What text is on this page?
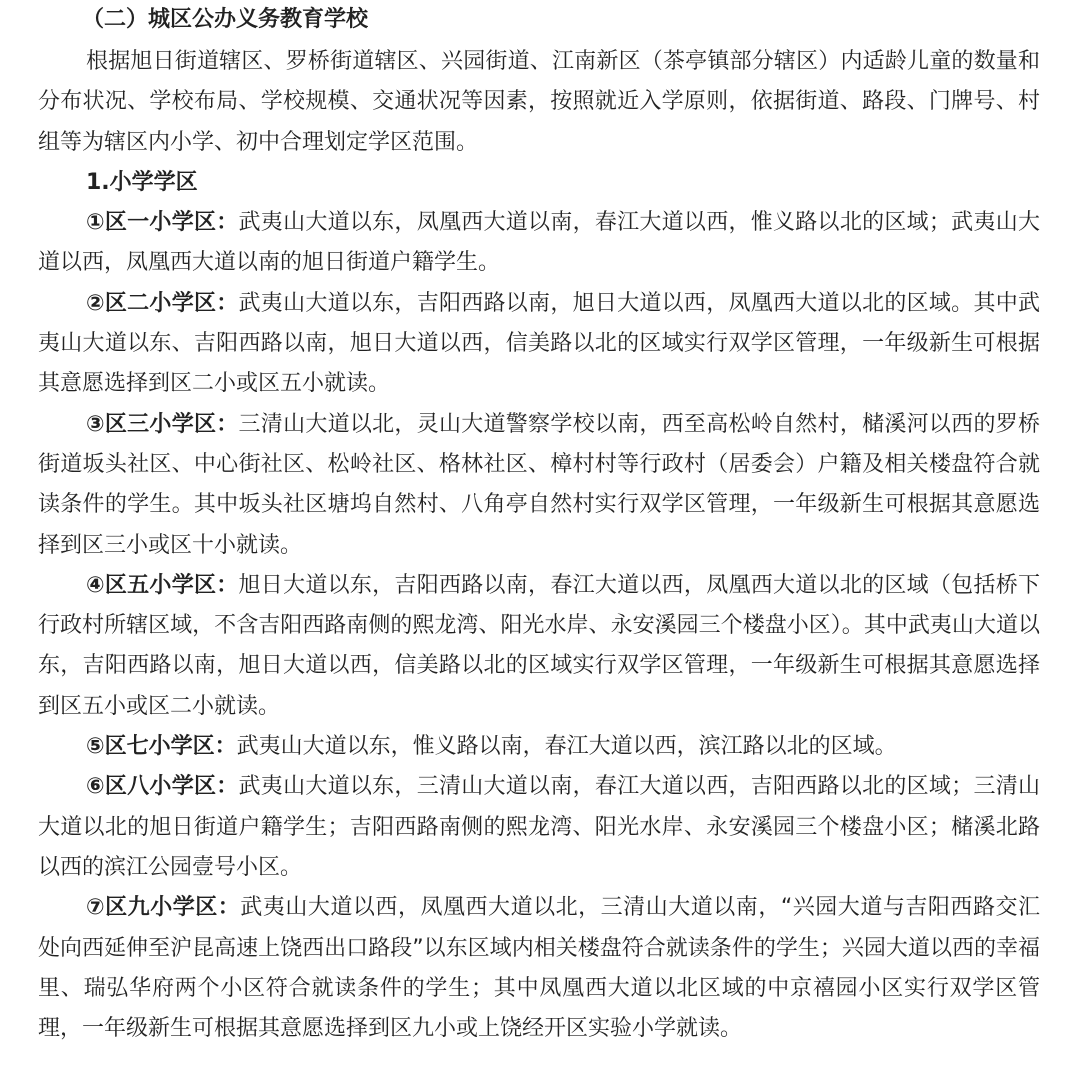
（二）城区公办义务教育学校

根据旭日街道辖区、罗桥街道辖区、兴园街道、江南新区（茶亭镇部分辖区）内适龄儿童的数量和分布状况、学校布局、学校规模、交通状况等因素，按照就近入学原则，依据街道、路段、门牌号、村组等为辖区内小学、初中合理划定学区范围。

1.小学学区

①区一小学区：武夷山大道以东，凤凰西大道以南，春江大道以西，惟义路以北的区域；武夷山大道以西，凤凰西大道以南的旭日街道户籍学生。

②区二小学区：武夷山大道以东，吉阳西路以南，旭日大道以西，凤凰西大道以北的区域。其中武夷山大道以东、吉阳西路以南，旭日大道以西，信美路以北的区域实行双学区管理，一年级新生可根据其意愿选择到区二小或区五小就读。

③区三小学区：三清山大道以北，灵山大道警察学校以南，西至高松岭自然村，槠溪河以西的罗桥街道坂头社区、中心街社区、松岭社区、格林社区、樟村村等行政村（居委会）户籍及相关楼盘符合就读条件的学生。其中坂头社区塘坞自然村、八角亭自然村实行双学区管理，一年级新生可根据其意愿选择到区三小或区十小就读。

④区五小学区：旭日大道以东，吉阳西路以南，春江大道以西，凤凰西大道以北的区域（包括桥下行政村所辖区域，不含吉阳西路南侧的熙龙湾、阳光水岸、永安溪园三个楼盘小区）。其中武夷山大道以东，吉阳西路以南，旭日大道以西，信美路以北的区域实行双学区管理，一年级新生可根据其意愿选择到区五小或区二小就读。

⑤区七小学区：武夷山大道以东，惟义路以南，春江大道以西，滨江路以北的区域。

⑥区八小学区：武夷山大道以东，三清山大道以南，春江大道以西，吉阳西路以北的区域；三清山大道以北的旭日街道户籍学生；吉阳西路南侧的熙龙湾、阳光水岸、永安溪园三个楼盘小区；槠溪北路以西的滨江公园壹号小区。

⑦区九小学区：武夷山大道以西，凤凰西大道以北，三清山大道以南，“兴园大道与吉阳西路交汇处向西延伸至沪昆高速上饶西出口路段”以东区域内相关楼盘符合就读条件的学生；兴园大道以西的幸福里、瑞弘华府两个小区符合就读条件的学生；其中凤凰西大道以北区域的中京禧园小区实行双学区管理，一年级新生可根据其意愿选择到区九小或上饶经开区实验小学就读。
